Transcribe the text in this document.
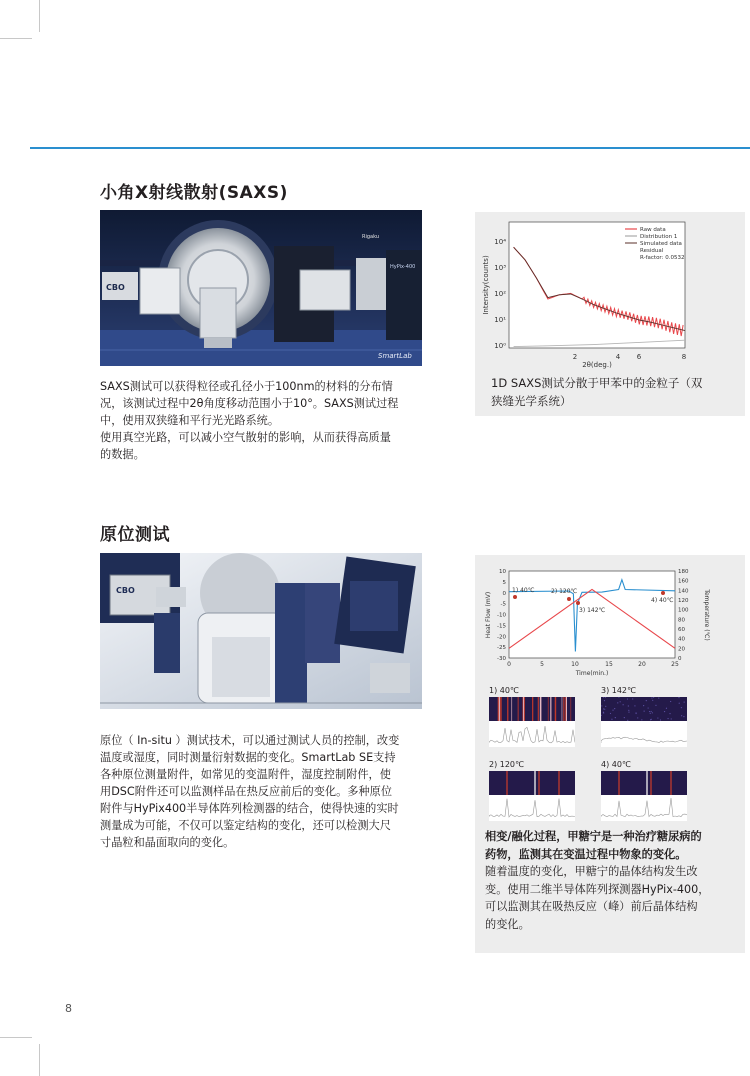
小角X射线散射(SAXS)
CBO
Rigaku
HyPix-400
SmartLab

SAXS测试可以获得粒径或孔径小于100nm的材料的分布情

况，该测试过程中2θ角度移动范围小于10°。SAXS测试过程

中，使用双狭缝和平行光光路系统。

使用真空光路，可以减小空气散射的影响，从而获得高质量

的数据。

2	4 6	8
10⁰
10¹
10²
10³
10⁴
2θ(deg.)
Intensity(counts)
Raw data
Distribution 1
Simulated data
Residual
R-factor: 0.0532
1D SAXS测试分散于甲苯中的金粒子（双
狭缝光学系统）
原位测试
CBO

原位（ In-situ ）测试技术，可以通过测试人员的控制，改变

温度或湿度，同时测量衍射数据的变化。SmartLab SE支持

各种原位测量附件，如常见的变温附件，湿度控制附件，使

用DSC附件还可以监测样品在热反应前后的变化。多种原位

附件与HyPix400半导体阵列检测器的结合，使得快速的实时

测量成为可能，不仅可以鉴定结构的变化，还可以检测大尺

寸晶粒和晶面取向的变化。

0	5	10	15	20	25
Time(min.)
10
5
0
-5
-10
-15
-20
-25
-30
180
160
140
120
100
80
60
40
20
0
Heat Flow (mV)	Temperature (℃)
1) 40℃	2) 120℃
3) 142℃
4) 40℃
1) 40℃	3) 142℃
2) 120℃	4) 40℃
相变/融化过程，甲糖宁是一种治疗糖尿病的
药物，监测其在变温过程中物象的变化。
随着温度的变化，甲糖宁的晶体结构发生改
变。使用二维半导体阵列探测器HyPix-400，
可以监测其在吸热反应（峰）前后晶体结构
的变化。
8
